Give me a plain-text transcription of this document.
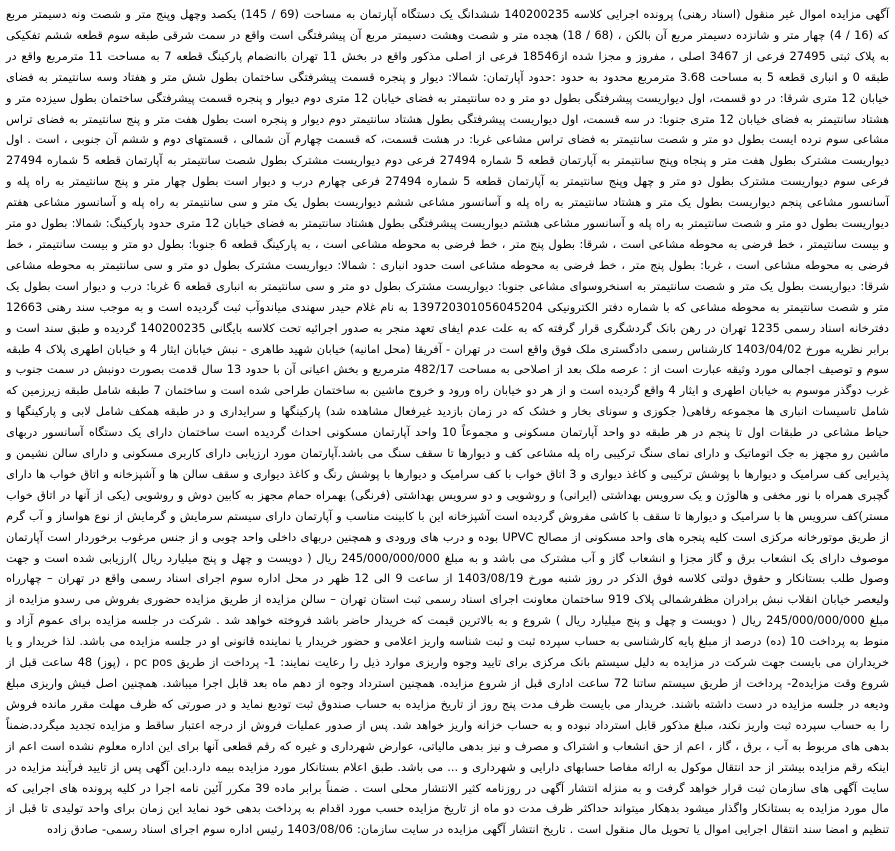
آگهی مزایده اموال غیر منقول (اسناد رهنی) پرونده اجرایی کلاسه 140200235 ششدانگ یک دستگاه آپارتمان به مساحت (69 / 145) یکصد وچهل وپنج متر و شصت ونه دسیمتر مربع که (16 / 4) چهار متر و شانزده دسیمتر مربع آن بالکن ، (68 / 18) هجده متر و شصت وهشت دسیمتر مربع آن پیشرفتگی است واقع در سمت شرقی طبقه سوم قطعه ششم تفکیکی به پلاک ثبتی 27495 فرعی از 3467 اصلی ، مفروز و مجزا شده از18546 فرعی از اصلی مذکور واقع در بخش 11 تهران باانضمام پارکینگ قطعه 7 به مساحت 11 مترمربع واقع در طبقه 0 و انباری قطعه 5 به مساحت 3.68 مترمربع محدود به حدود :حدود آپارتمان: شمالا: دیوار و پنجره قسمت پیشرفتگی ساختمان بطول شش متر و هفتاد وسه سانتیمتر به فضای خیابان 12 متری شرقا: در دو قسمت، اول دیواریست پیشرفتگی بطول دو متر و ده سانتیمتر به فضای خیابان 12 متری دوم دیوار و پنجره قسمت پیشرفتگی ساختمان بطول سیزده متر و هشتاد سانتیمتر به فضای خیابان 12 متری جنوبا: در سه قسمت، اول دیواریست پیشرفتگی بطول هشتاد سانتیمتر دوم دیوار و پنجره است بطول هفت متر و پنج سانتیمتر به فضای تراس مشاعی سوم نرده ایست بطول دو متر و شصت سانتیمتر به فضای تراس مشاعی غربا: در هشت قسمت، که قسمت چهارم آن شمالی ، قسمتهای دوم و ششم آن جنوبی ، است . اول دیواریست مشترک بطول هفت متر و پنجاه وپنج سانتیمتر به آپارتمان قطعه 5 شماره 27494 فرعی دوم دیواریست مشترک بطول شصت سانتیمتر به آپارتمان قطعه 5 شماره 27494 فرعی سوم دیواریست مشترک بطول دو متر و چهل وپنج سانتیمتر به آپارتمان قطعه 5 شماره 27494 فرعی چهارم درب و دیوار است بطول چهار متر و پنج سانتیمتر به راه پله و آسانسور مشاعی پنجم دیواریست بطول یک متر و هشتاد سانتیمتر به راه پله و آسانسور مشاعی ششم دیواریست بطول یک متر و سی سانتیمتر به راه پله و آسانسور مشاعی هفتم دیواریست بطول دو متر و شصت سانتیمتر به راه پله و آسانسور مشاعی هشتم دیواریست پیشرفتگی بطول هشتاد سانتیمتر به فضای خیابان 12 متری حدود پارکینگ: شمالا: بطول دو متر و بیست سانتیمتر ، خط فرضی به محوطه مشاعی است ، شرقا: بطول پنج متر ، خط فرضی به محوطه مشاعی است ، به پارکینگ قطعه 6 جنوبا: بطول دو متر و بیست سانتیمتر ، خط فرضی به محوطه مشاعی است ، غربا: بطول پنج متر ، خط فرضی به محوطه مشاعی است حدود انباری : شمالا: دیواریست مشترک بطول دو متر و سی سانتیمتر به محوطه مشاعی شرقا: دیواریست بطول یک متر و شصت سانتیمتر به اسنخروسوای مشاعی جنوبا: دیواریست مشترک بطول دو متر و سی سانتیمتر به انباری قطعه 6 غربا: درب و دیوار است بطول یک متر و شصت سانتیمتر به محوطه مشاعی که با شماره دفتر الکترونیکی 139720301056045204 به نام غلام حیدر سهندی میاندوآب ثبت گردیده است و به موجب سند رهنی 12663 دفترخانه اسناد رسمی 1235 تهران در رهن بانک گردشگری قرار گرفته که به علت عدم ایفای تعهد منجر به صدور اجرائیه تحت کلاسه بایگانی 140200235 گردیده و طبق سند است و برابر نظریه مورخ 1403/04/02 کارشناس رسمی دادگستری ملک فوق واقع است در تهران - آفریقا (محل امانیه) خیابان شهید طاهری - نبش خیابان ایثار 4 و خیابان اطهری پلاک 4 طبقه سوم و توصیف اجمالی مورد وثیقه عبارت است از : عرصه ملک بعد از اصلاحی به مساحت 482/17 مترمربع و بخش اعیانی آن با حدود 13 سال قدمت بصورت دونبش در سمت جنوب و غرب دوگذر موسوم به خیابان اطهری و ایثار 4 واقع گردیده است و از هر دو خیابان راه ورود و خروج ماشین به ساختمان طراحی شده است و ساختمان 7 طبقه شامل طبقه زیرزمین که شامل تاسیسات انباری ها مجموعه رفاهی( جکوزی و سونای بخار و خشک که در زمان بازدید غیرفعال مشاهده شد) پارکینگها و سرایداری و در طبقه همکف شامل لابی و پارکینگها و حیاط مشاعی در طبقات اول تا پنجم در هر طبقه دو واحد آپارتمان مسکونی و مجموعاً 10 واحد آپارتمان مسکونی احداث گردیده است ساختمان دارای یک دستگاه آسانسور دربهای ماشین رو مجهز به جک اتوماتیک و دارای نمای سنگ ترکیبی راه پله مشاعی کف و دیوارها تا سقف سنگ می باشد.آپارتمان مورد ارزیابی دارای کاربری مسکونی و دارای سالن نشیمن و پذیرایی کف سرامیک و دیوارها با پوشش ترکیبی و کاغذ دیواری و 3 اتاق خواب با کف سرامیک و دیوارها با پوشش رنگ و کاغذ دیواری و سقف سالن ها و آشپزخانه و اتاق خواب ها دارای گچبری همراه با نور مخفی و هالوژن و یک سرویس بهداشتی (ایرانی) و روشویی و دو سرویس بهداشتی (فرنگی) بهمراه حمام مجهز به کابین دوش و روشویی (یکی از آنها در اتاق خواب مستر)کف سرویس ها با سرامیک و دیوارها تا سقف با کاشی مفروش گردیده است آشپزخانه این با کابینت مناسب و آپارتمان دارای سیستم سرمایش و گرمایش از نوع هواساز و آب گرم از طریق موتورخانه مرکزی است کلیه پنجره های واحد مسکونی از مصالح UPVC بوده و درب های ورودی و همچنین دربهای داخلی واحد چوبی و از جنس مرغوب برخوردار است آپارتمان موصوف دارای یک انشعاب برق و گاز مجزا و انشعاب گاز و آب مشترک می باشد و به مبلغ 245/000/000/000 ریال ( دویست و چهل و پنج میلیارد ریال )ارزیابی شده است و جهت وصول طلب بستانکار و حقوق دولتی کلاسه فوق الذکر در روز شنبه مورخ 1403/08/19 از ساعت 9 الی 12 ظهر در محل اداره سوم اجرای اسناد رسمی واقع در تهران – چهارراه ولیعصر خیابان انقلاب نبش برادران مظفرشمالی پلاک 919 ساختمان معاونت اجرای اسناد رسمی ثبت استان تهران – سالن مزایده از طریق مزایده حضوری بفروش می رسدو مزایده از مبلغ 245/000/000/000 ریال ( دویست و چهل و پنج میلیارد ریال ) شروع و به بالاترین قیمت که خریدار حاضر باشد فروخته خواهد شد . شرکت در جلسه مزایده برای عموم آزاد و منوط به پرداخت 10 (ده) درصد از مبلغ پایه کارشناسی به حساب سپرده ثبت و ثبت شناسه واریز اعلامی و حضور خریدار یا نماینده قانونی او در جلسه مزایده می باشد. لذا خریدار و یا خریداران می بایست جهت شرکت در مزایده به دلیل سیستم بانک مرکزی برای تایید وجوه واریزی موارد ذیل را رعایت نمایند: 1- پرداخت از طریق pc pos ، (پوز) 48 ساعت قبل از شروع وقت مزایده2- پرداخت از طریق سیستم ساتنا 72 ساعت اداری قبل از شروع مزایده. همچنین استرداد وجوه از دهم ماه بعد قابل اجرا میباشد. همچنین اصل فیش واریزی مبلغ ودیعه در جلسه مزایده در دست داشته باشند. خریدار می بایست ظرف مدت پنج روز از تاریخ مزایده به حساب صندوق ثبت تودیع نماید و در صورتی که ظرف مهلت مقرر مانده فروش را به حساب سپرده ثبت واریز نکند، مبلغ مذکور قابل استرداد نبوده و به حساب خزانه واریز خواهد شد. پس از صدور عملیات فروش از درجه اعتبار ساقط و مزایده تجدید میگردد.ضمناً بدهی های مربوط به آب ، برق ، گاز ، اعم از حق انشعاب و اشتراک و مصرف و نیز بدهی مالیاتی، عوارض شهرداری و غیره که رقم قطعی آنها برای این اداره معلوم نشده است اعم از اینکه رقم مزایده بیشتر از حد انتقال موکول به ارائه مفاصا حسابهای دارایی و شهرداری و ... می باشد. طبق اعلام بستانکار مورد مزایده بیمه دارد.این آگهی پس از تایید فرآیند مزایده در سایت آگهی های سازمان ثبت قرار خواهد گرفت و به منزله انتشار آگهی در روزنامه کثیر الانتشار محلی است . ضمناً برابر ماده 39 مکرر آئین نامه اجرا در کلیه پرونده های اجرایی که مال مورد مزایده به بستانکار واگذار میشود بدهکار میتواند حداکثر ظرف مدت دو ماه از تاریخ مزایده حسب مورد اقدام به پرداخت بدهی خود نماید این زمان برای واحد تولیدی تا قبل از تنظیم و امضا سند انتقال اجرایی اموال یا تحویل مال منقول است . تاریخ انتشار آگهی مزایده در سایت سازمان: 1403/08/06 رئیس اداره سوم اجرای اسناد رسمی- صادق زاده
